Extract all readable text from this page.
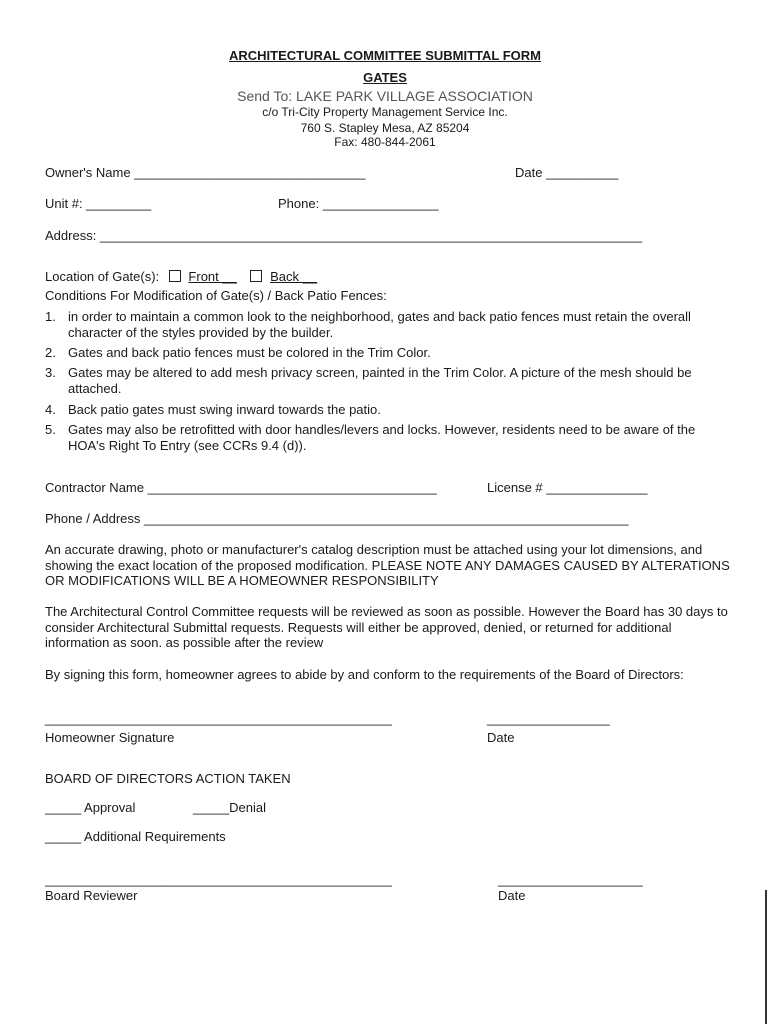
ARCHITECTURAL COMMITTEE SUBMITTAL FORM
GATES
Send To: LAKE PARK VILLAGE ASSOCIATION
c/o Tri-City Property Management Service Inc.
760 S. Stapley Mesa, AZ 85204
Fax: 480-844-2061
Owner's Name ________________________________	Date __________
Unit #: _________	Phone: ________________
Address: ___________________________________________________________________________
Location of Gate(s): Front __	Back __
Conditions For Modification of Gate(s) / Back Patio Fences:
1. in order to maintain a common look to the neighborhood, gates and back patio fences must retain the overall character of the styles provided by the builder.
2. Gates and back patio fences must be colored in the Trim Color.
3. Gates may be altered to add mesh privacy screen, painted in the Trim Color. A picture of the mesh should be attached.
4. Back patio gates must swing inward towards the patio.
5. Gates may also be retrofitted with door handles/levers and locks. However, residents need to be aware of the HOA's Right To Entry (see CCRs 9.4 (d)).
Contractor Name ________________________________________	License # ______________
Phone / Address ___________________________________________________________________
An accurate drawing, photo or manufacturer's catalog description must be attached using your lot dimensions, and showing the exact location of the proposed modification. PLEASE NOTE ANY DAMAGES CAUSED BY ALTERATIONS OR MODIFICATIONS WILL BE A HOMEOWNER RESPONSIBILITY
The Architectural Control Committee requests will be reviewed as soon as possible. However the Board has 30 days to consider Architectural Submittal requests. Requests will either be approved, denied, or returned for additional information as soon. as possible after the review
By signing this form, homeowner agrees to abide by and conform to the requirements of the Board of Directors:
________________________________________________	_________________
Homeowner Signature	Date
BOARD OF DIRECTORS ACTION TAKEN
_____ Approval	_____Denial
_____ Additional Requirements
________________________________________________	____________________
Board Reviewer	Date
